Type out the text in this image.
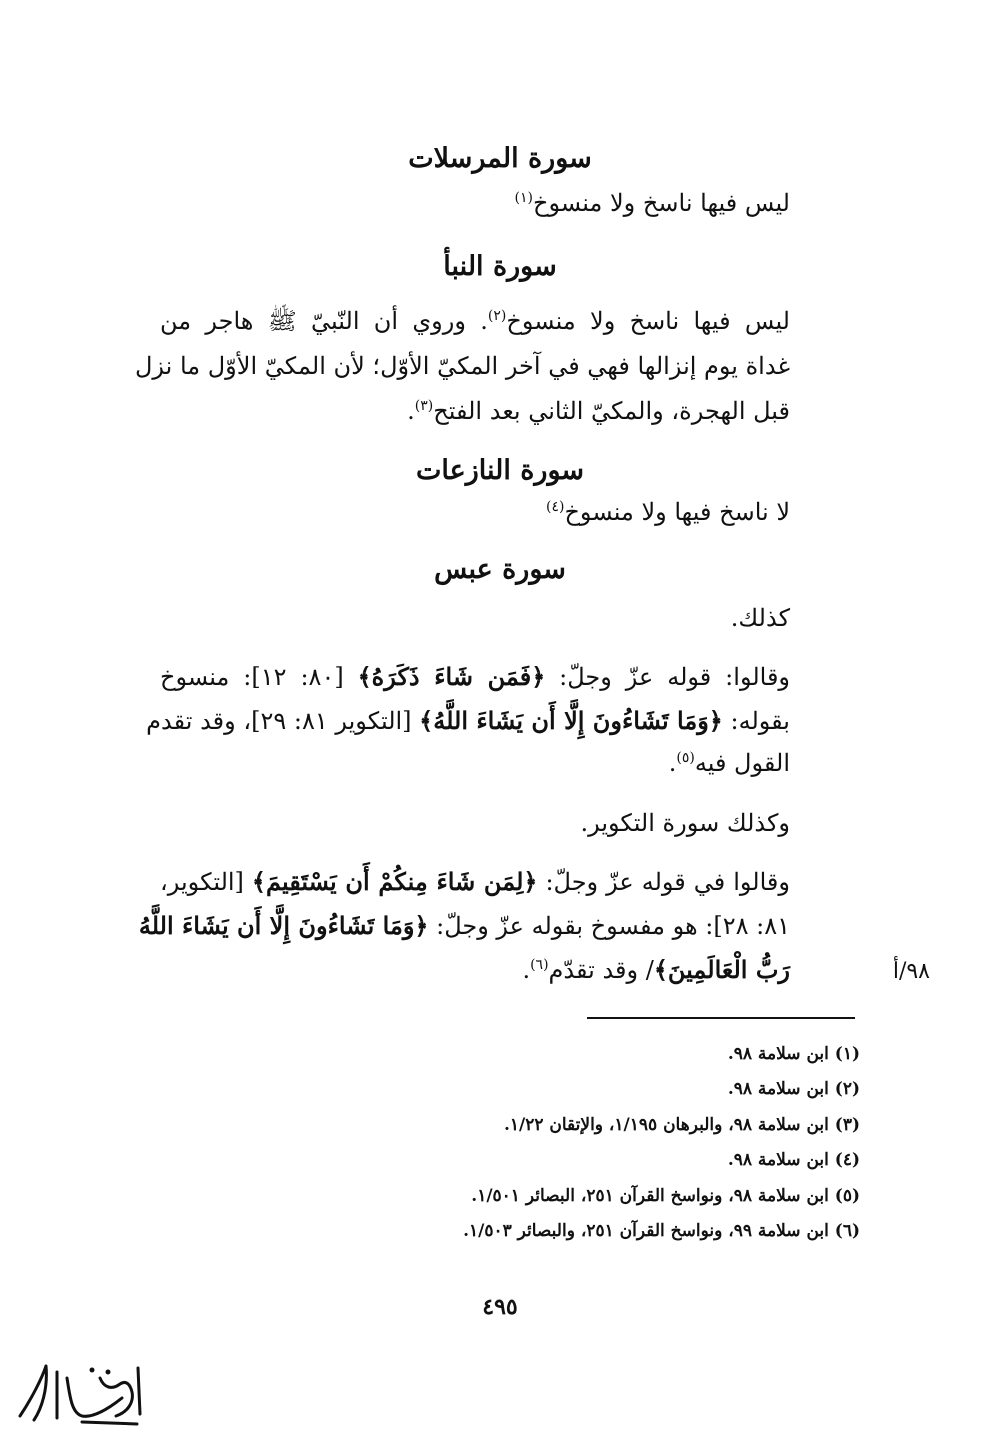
سورة المرسلات
ليس فيها ناسخ ولا منسوخ$^{(١)}$
سورة النبأ
ليس فيها ناسخ ولا منسوخ$^{(٢)}$. وروي أن النّبيّ ﷺ هاجر من
غداة يوم إنزالها فهي في آخر المكيّ الأوّل؛ لأن المكيّ الأوّل ما نزل
قبل الهجرة، والمكيّ الثاني بعد الفتح$^{(٣)}$.
سورة النازعات
لا ناسخ فيها ولا منسوخ$^{(٤)}$
سورة عبس
كذلك.
وقالوا: قوله عزّ وجلّ: ﴿فَمَن شَاءَ ذَكَرَهُ﴾ [٨٠: ١٢]: منسوخ
بقوله: ﴿وَمَا تَشَاءُونَ إِلَّا أَن يَشَاءَ اللَّهُ﴾ [التكوير ٨١: ٢٩]، وقد تقدم
القول فيه$^{(٥)}$.
وكذلك سورة التكوير.
وقالوا في قوله عزّ وجلّ: ﴿لِمَن شَاءَ مِنكُمْ أَن يَسْتَقِيمَ﴾ [التكوير،
٨١: ٢٨]: هو مفسوخ بقوله عزّ وجلّ: ﴿وَمَا تَشَاءُونَ إِلَّا أَن يَشَاءَ اللَّهُ
رَبُّ الْعَالَمِينَ﴾/ وقد تقدّم$^{(٦)}$.	٩٨/أ
(١) ابن سلامة ٩٨.
(٢) ابن سلامة ٩٨.
(٣) ابن سلامة ٩٨، والبرهان ١/١٩٥، والإتقان ١/٢٢.
(٤) ابن سلامة ٩٨.
(٥) ابن سلامة ٩٨، ونواسخ القرآن ٢٥١، البصائر ١/٥٠١.
(٦) ابن سلامة ٩٩، ونواسخ القرآن ٢٥١، والبصائر ١/٥٠٣.
٤٩٥
